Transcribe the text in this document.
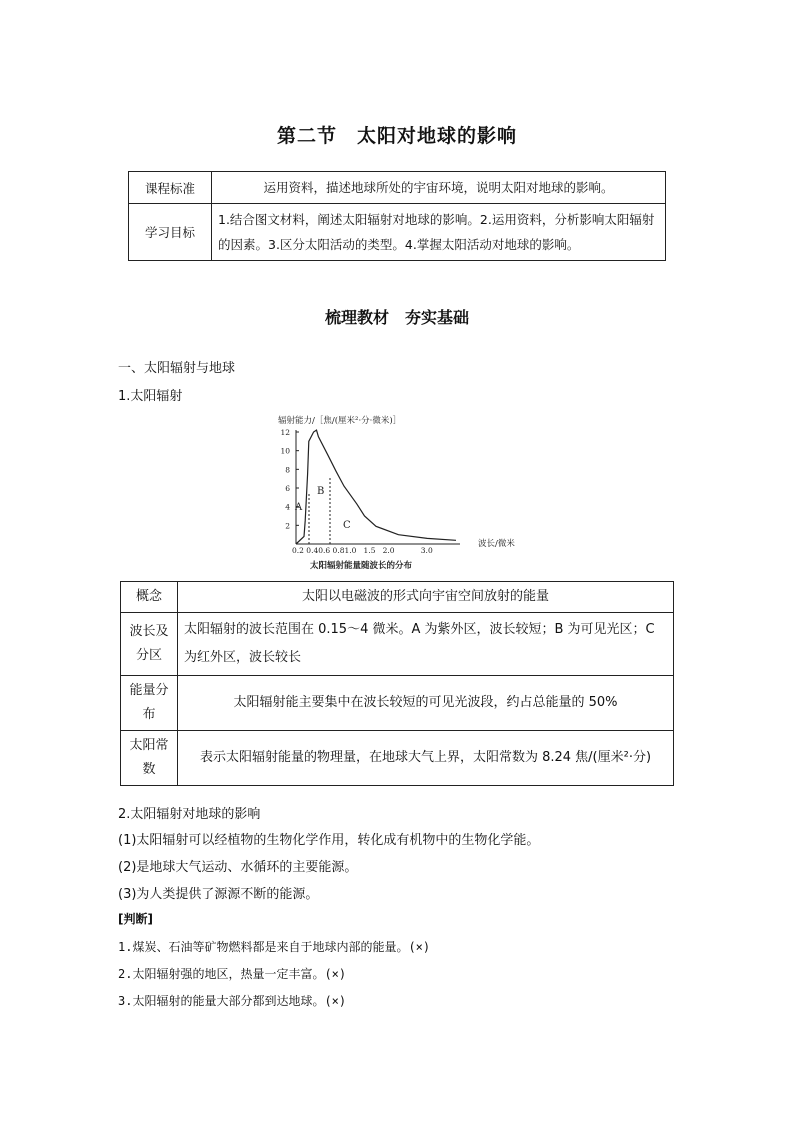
第二节　太阳对地球的影响
课程标准	运用资料，描述地球所处的宇宙环境，说明太阳对地球的影响。
学习目标	1.结合图文材料，阐述太阳辐射对地球的影响。2.运用资料，分析影响太阳辐射的因素。3.区分太阳活动的类型。4.掌握太阳活动对地球的影响。
梳理教材　夯实基础
一、太阳辐射与地球
1.太阳辐射
辐射能力/［焦/(厘米²·分·微米)］
12
10
8
6
4
2
A
B
C
0.2 0.40.6 0.81.0   1.5   2.0           3.0
波长/微米
太阳辐射能量随波长的分布
概念	太阳以电磁波的形式向宇宙空间放射的能量
波长及分区	太阳辐射的波长范围在 0.15～4 微米。A 为紫外区，波长较短；B 为可见光区；C 为红外区，波长较长
能量分布	太阳辐射能主要集中在波长较短的可见光波段，约占总能量的 50%
太阳常数	表示太阳辐射能量的物理量，在地球大气上界，太阳常数为 8.24 焦/(厘米²·分)
2.太阳辐射对地球的影响
(1)太阳辐射可以经植物的生物化学作用，转化成有机物中的生物化学能。
(2)是地球大气运动、水循环的主要能源。
(3)为人类提供了源源不断的能源。
[判断]
1.煤炭、石油等矿物燃料都是来自于地球内部的能量。(×)
2.太阳辐射强的地区，热量一定丰富。(×)
3.太阳辐射的能量大部分都到达地球。(×)
